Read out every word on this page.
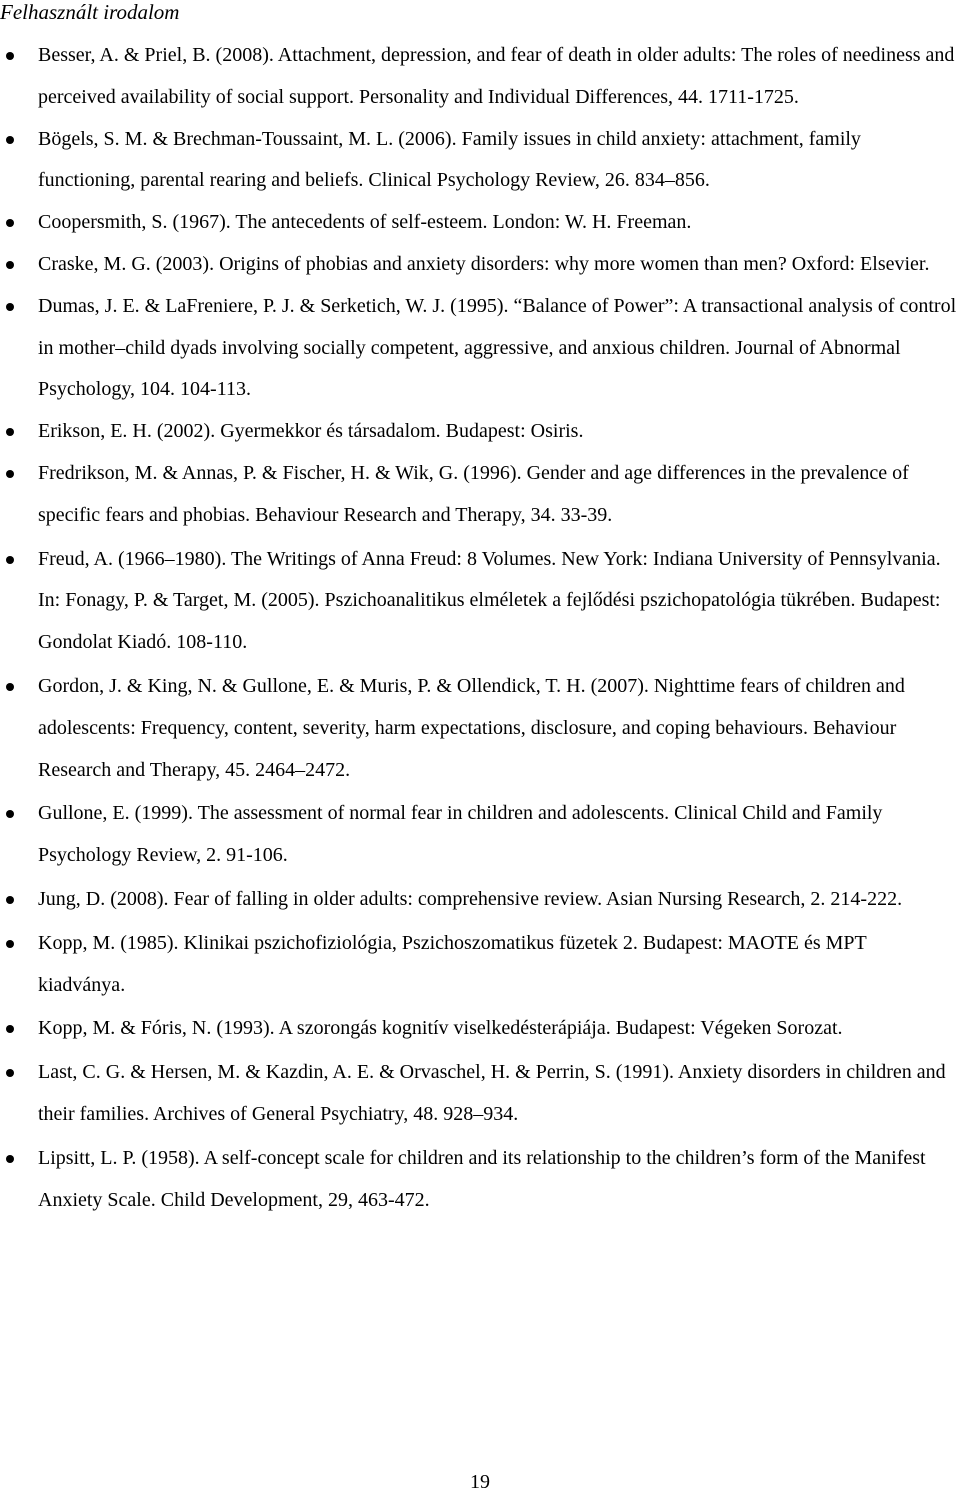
Felhasznált irodalom
Besser, A. & Priel, B. (2008). Attachment, depression, and fear of death in older adults: The roles of neediness and perceived availability of social support. Personality and Individual Differences, 44. 1711-1725.
Bögels, S. M. & Brechman-Toussaint, M. L. (2006). Family issues in child anxiety: attachment, family functioning, parental rearing and beliefs. Clinical Psychology Review, 26. 834–856.
Coopersmith, S. (1967). The antecedents of self-esteem. London: W. H. Freeman.
Craske, M. G. (2003). Origins of phobias and anxiety disorders: why more women than men? Oxford: Elsevier.
Dumas, J. E. & LaFreniere, P. J. & Serketich, W. J. (1995). “Balance of Power”: A transactional analysis of control in mother–child dyads involving socially competent, aggressive, and anxious children. Journal of Abnormal Psychology, 104. 104-113.
Erikson, E. H. (2002). Gyermekkor és társadalom. Budapest: Osiris.
Fredrikson, M. & Annas, P. & Fischer, H. & Wik, G. (1996). Gender and age differences in the prevalence of specific fears and phobias. Behaviour Research and Therapy, 34. 33-39.
Freud, A. (1966–1980). The Writings of Anna Freud: 8 Volumes. New York: Indiana University of Pennsylvania. In: Fonagy, P. & Target, M. (2005). Pszichoanalitikus elméletek a fejlődési pszichopatológia tükrében. Budapest: Gondolat Kiadó. 108-110.
Gordon, J. & King, N. & Gullone, E. & Muris, P. & Ollendick, T. H. (2007). Nighttime fears of children and adolescents: Frequency, content, severity, harm expectations, disclosure, and coping behaviours. Behaviour Research and Therapy, 45. 2464–2472.
Gullone, E. (1999). The assessment of normal fear in children and adolescents. Clinical Child and Family Psychology Review, 2. 91-106.
Jung, D. (2008). Fear of falling in older adults: comprehensive review. Asian Nursing Research, 2. 214-222.
Kopp, M. (1985). Klinikai pszichofiziológia, Pszichoszomatikus füzetek 2. Budapest: MAOTE és MPT kiadványa.
Kopp, M. & Fóris, N. (1993). A szorongás kognitív viselkedésterápiája. Budapest: Végeken Sorozat.
Last, C. G. & Hersen, M. & Kazdin, A. E. & Orvaschel, H. & Perrin, S. (1991). Anxiety disorders in children and their families. Archives of General Psychiatry, 48. 928–934.
Lipsitt, L. P. (1958). A self-concept scale for children and its relationship to the children’s form of the Manifest Anxiety Scale. Child Development, 29, 463-472.
19
